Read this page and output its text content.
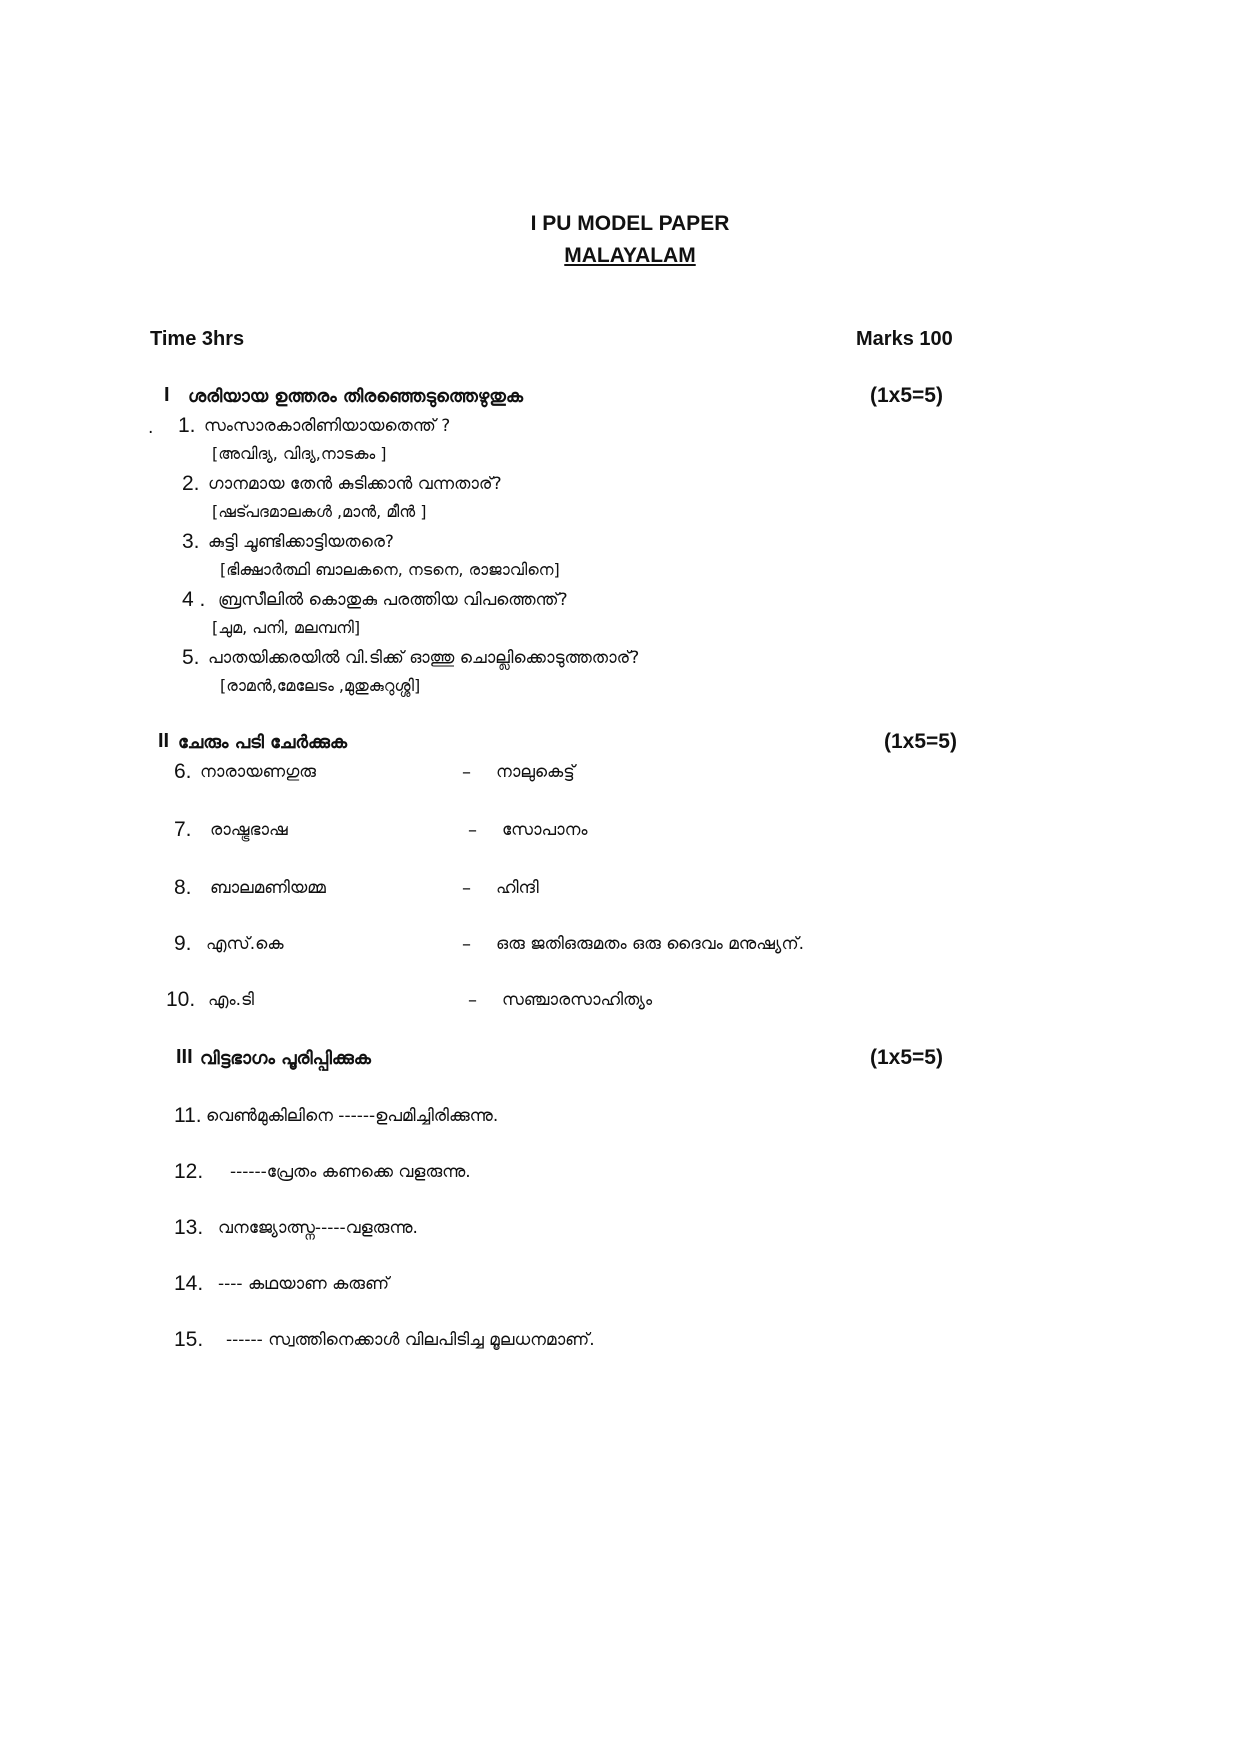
I PU MODEL PAPER
MALAYALAM
Time 3hrs	Marks 100
I ശരിയായ ഉത്തരം തിരഞ്ഞെടുത്തെഴുതുക	(1x5=5)
. 1. സംസാരകാരിണിയായതെന്ത് ?
[അവിദ്യ, വിദ്യ,നാടകം ]
2. ഗാനമായ തേൻ കുടിക്കാൻ വന്നതാര്?
[ഷട്പദമാലകൾ ,മാൻ, മീൻ ]
3. കുട്ടി ചൂണ്ടിക്കാട്ടിയതരെ?
[ഭിക്ഷാർത്ഥി ബാലകനെ, നടനെ, രാജാവിനെ]
4 . ബ്രസീലിൽ കൊതുകു പരത്തിയ വിപത്തെന്ത്?
[ചുമ, പനി, മലമ്പനി]
5. പാതയിക്കരയിൽ വി.ടിക്ക് ഓത്തു ചൊല്ലിക്കൊടുത്തതാര്?
[രാമൻ,മേലേടം ,മുതുകുറുശ്ശി]
II ചേരും പടി ചേർക്കുക	(1x5=5)
6. നാരായണഗുരു	– നാലുകെട്ട്
7. രാഷ്ട്രഭാഷ	– സോപാനം
8. ബാലമണിയമ്മ	– ഹിന്ദി
9. എസ്.കെ	– ഒരു ജതിഒരുമതം ഒരു ദൈവം മനുഷ്യന്.
10. എം.ടി	– സഞ്ചാരസാഹിത്യം
III വിട്ടഭാഗം പൂരിപ്പിക്കുക	(1x5=5)
11. വെൺമുകിലിനെ ------ഉപമിച്ചിരിക്കുന്നു.
12. ------പ്രേതം കണക്കെ വളരുന്നു.
13. വനജ്യോത്സ്ന-----വളരുന്നു.
14. ---- കഥയാണ കരുണ്
15. ------ സ്വത്തിനെക്കാൾ വിലപിടിച്ച മൂലധനമാണ്.
